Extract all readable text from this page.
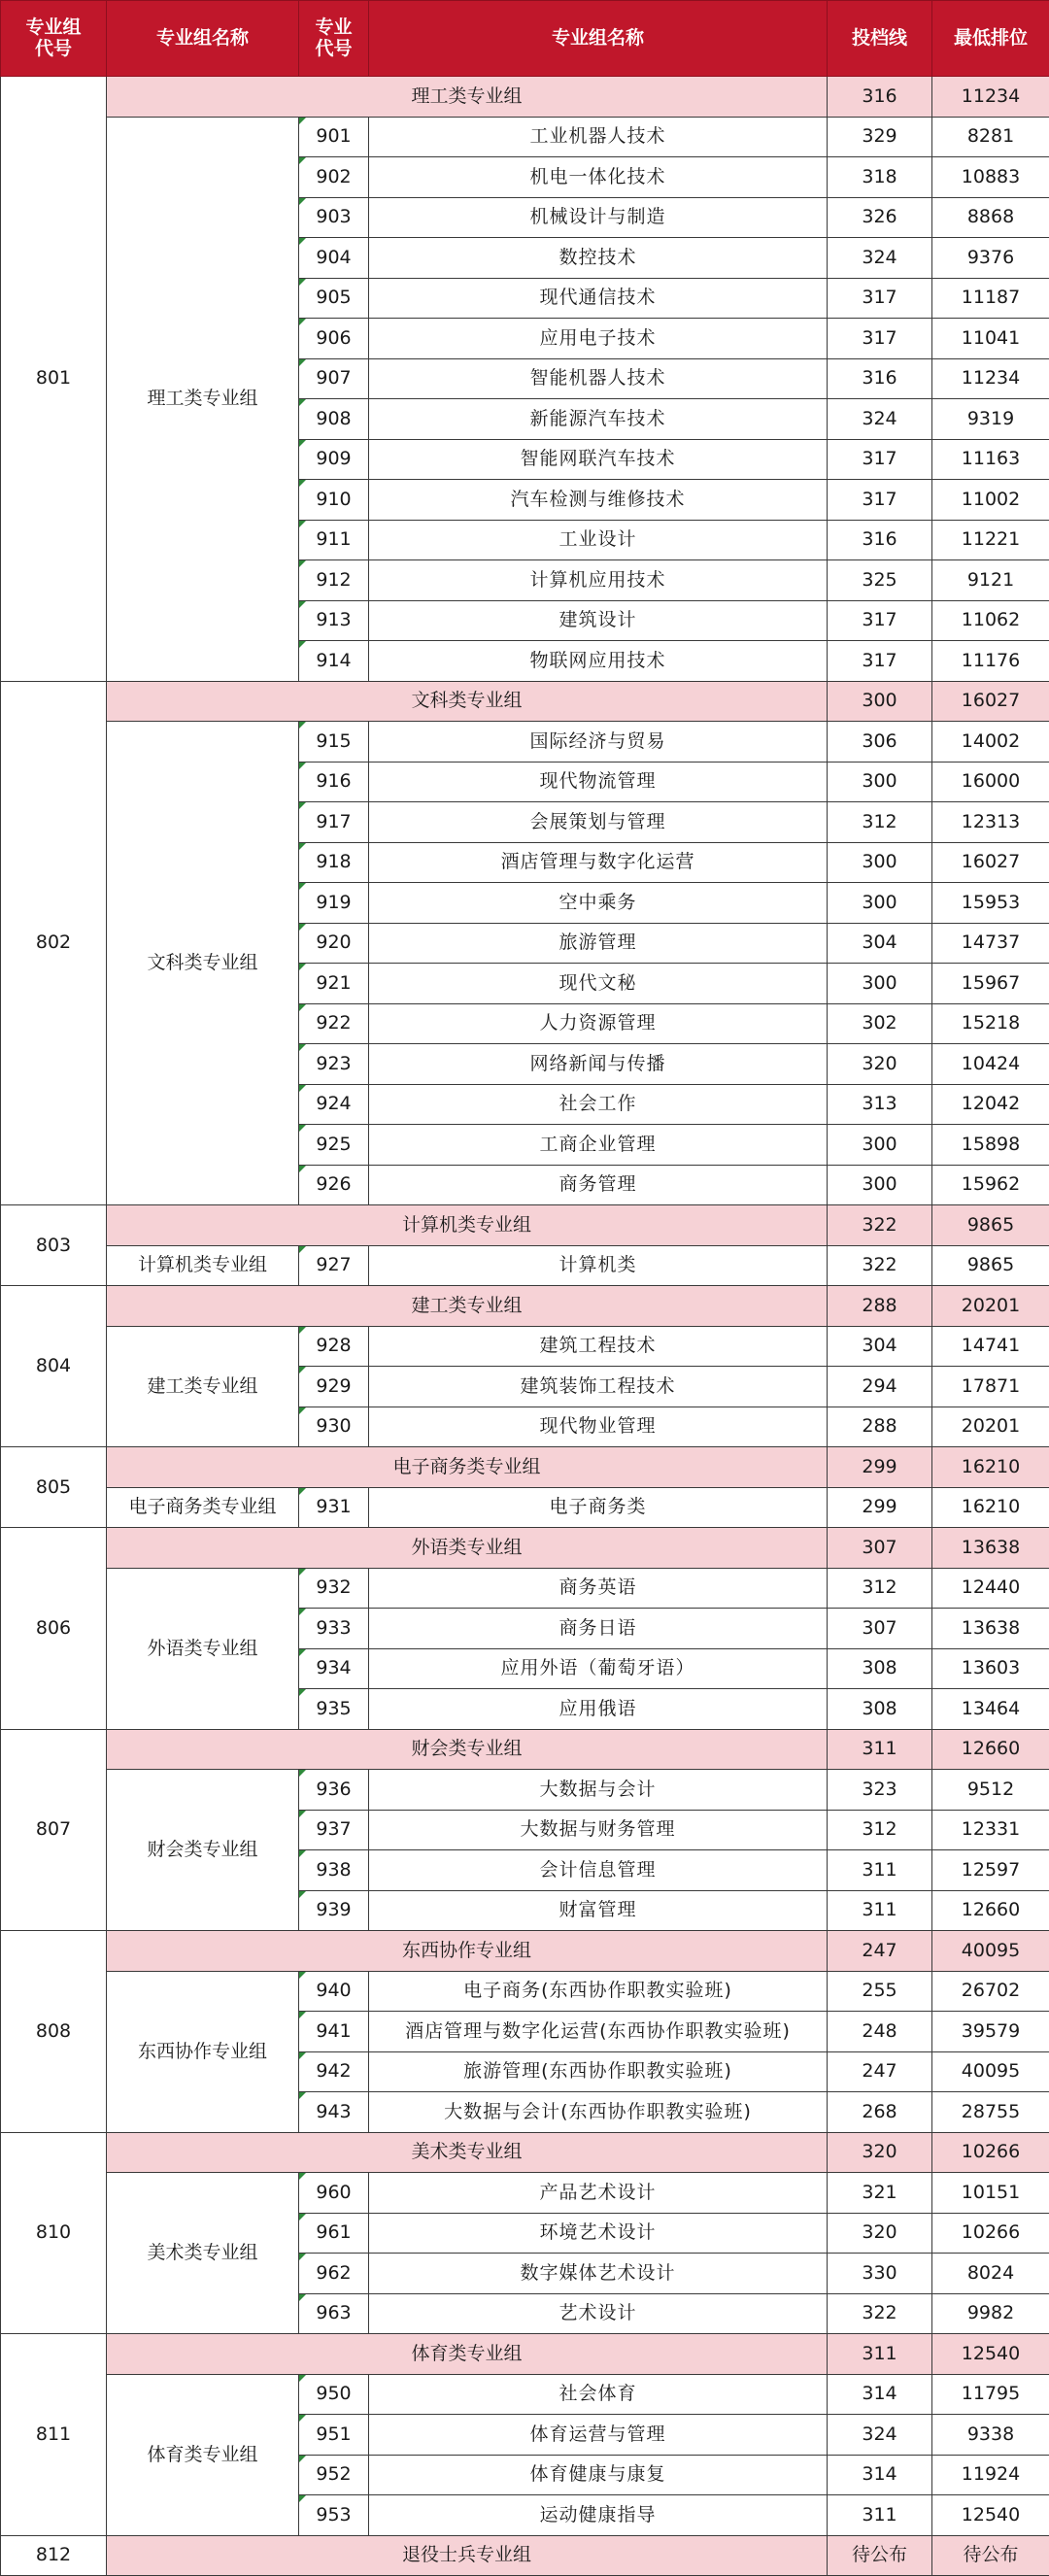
专业组代号	专业组名称	专业代号	专业组名称	投档线	最低排位
801	理工类专业组			316	11234
	理工类专业组	901	工业机器人技术	329	8281
		902	机电一体化技术	318	10883
		903	机械设计与制造	326	8868
		904	数控技术	324	9376
		905	现代通信技术	317	11187
		906	应用电子技术	317	11041
		907	智能机器人技术	316	11234
		908	新能源汽车技术	324	9319
		909	智能网联汽车技术	317	11163
		910	汽车检测与维修技术	317	11002
		911	工业设计	316	11221
		912	计算机应用技术	325	9121
		913	建筑设计	317	11062
		914	物联网应用技术	317	11176
802	文科类专业组			300	16027
	文科类专业组	915	国际经济与贸易	306	14002
		916	现代物流管理	300	16000
		917	会展策划与管理	312	12313
		918	酒店管理与数字化运营	300	16027
		919	空中乘务	300	15953
		920	旅游管理	304	14737
		921	现代文秘	300	15967
		922	人力资源管理	302	15218
		923	网络新闻与传播	320	10424
		924	社会工作	313	12042
		925	工商企业管理	300	15898
		926	商务管理	300	15962
803	计算机类专业组			322	9865
	计算机类专业组	927	计算机类	322	9865
804	建工类专业组			288	20201
	建工类专业组	928	建筑工程技术	304	14741
		929	建筑装饰工程技术	294	17871
		930	现代物业管理	288	20201
805	电子商务类专业组			299	16210
	电子商务类专业组	931	电子商务类	299	16210
806	外语类专业组			307	13638
	外语类专业组	932	商务英语	312	12440
		933	商务日语	307	13638
		934	应用外语（葡萄牙语）	308	13603
		935	应用俄语	308	13464
807	财会类专业组			311	12660
	财会类专业组	936	大数据与会计	323	9512
		937	大数据与财务管理	312	12331
		938	会计信息管理	311	12597
		939	财富管理	311	12660
808	东西协作专业组			247	40095
	东西协作专业组	940	电子商务(东西协作职教实验班)	255	26702
		941	酒店管理与数字化运营(东西协作职教实验班)	248	39579
		942	旅游管理(东西协作职教实验班)	247	40095
		943	大数据与会计(东西协作职教实验班)	268	28755
810	美术类专业组			320	10266
	美术类专业组	960	产品艺术设计	321	10151
		961	环境艺术设计	320	10266
		962	数字媒体艺术设计	330	8024
		963	艺术设计	322	9982
811	体育类专业组			311	12540
	体育类专业组	950	社会体育	314	11795
		951	体育运营与管理	324	9338
		952	体育健康与康复	314	11924
		953	运动健康指导	311	12540
812	退役士兵专业组			待公布	待公布
